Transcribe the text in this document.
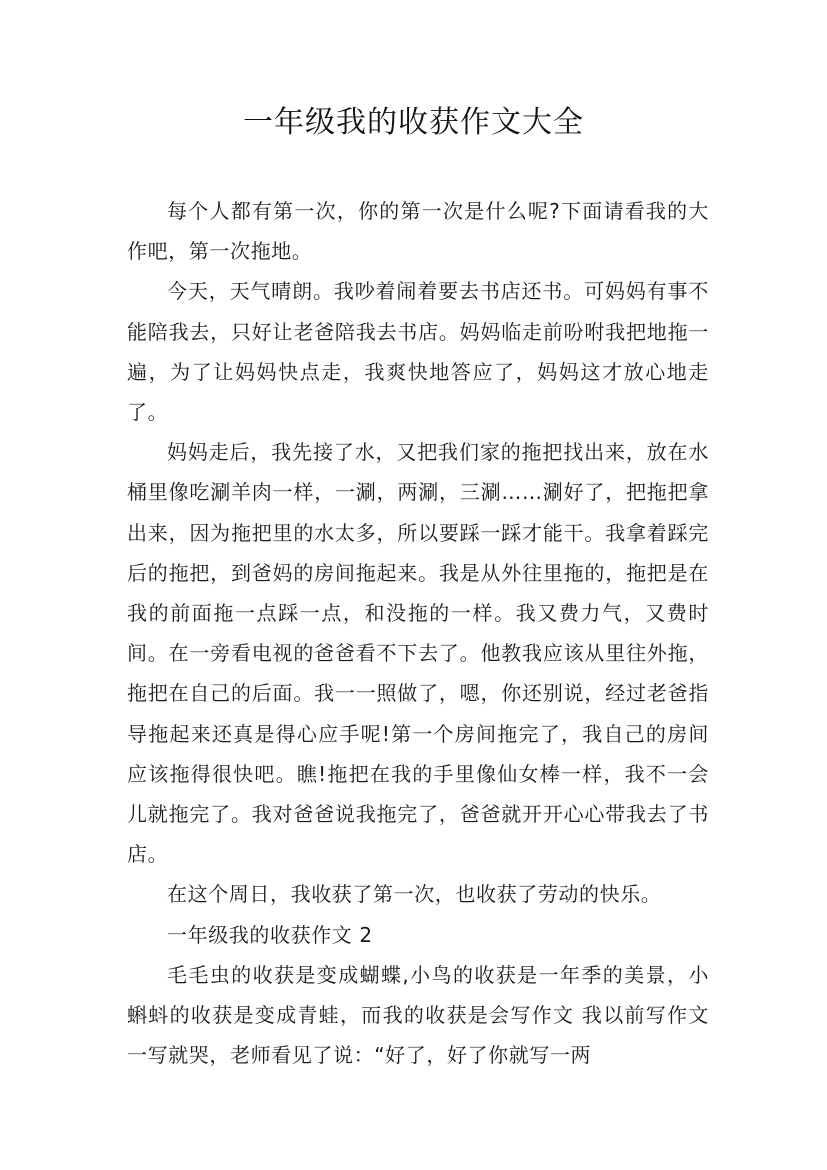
一年级我的收获作文大全

每个人都有第一次，你的第一次是什么呢?下面请看我的大作吧，第一次拖地。

今天，天气晴朗。我吵着闹着要去书店还书。可妈妈有事不能陪我去，只好让老爸陪我去书店。妈妈临走前吩咐我把地拖一遍，为了让妈妈快点走，我爽快地答应了，妈妈这才放心地走了。

妈妈走后，我先接了水，又把我们家的拖把找出来，放在水桶里像吃涮羊肉一样，一涮，两涮，三涮……涮好了，把拖把拿出来，因为拖把里的水太多，所以要踩一踩才能干。我拿着踩完后的拖把，到爸妈的房间拖起来。我是从外往里拖的，拖把是在我的前面拖一点踩一点，和没拖的一样。我又费力气，又费时间。在一旁看电视的爸爸看不下去了。他教我应该从里往外拖，拖把在自己的后面。我一一照做了，嗯，你还别说，经过老爸指导拖起来还真是得心应手呢!第一个房间拖完了，我自己的房间应该拖得很快吧。瞧!拖把在我的手里像仙女棒一样，我不一会儿就拖完了。我对爸爸说我拖完了，爸爸就开开心心带我去了书店。

在这个周日，我收获了第一次，也收获了劳动的快乐。

一年级我的收获作文 2

毛毛虫的收获是变成蝴蝶,小鸟的收获是一年季的美景，小蝌蚪的收获是变成青蛙，而我的收获是会写作文 我以前写作文一写就哭，老师看见了说：“好了，好了你就写一两
